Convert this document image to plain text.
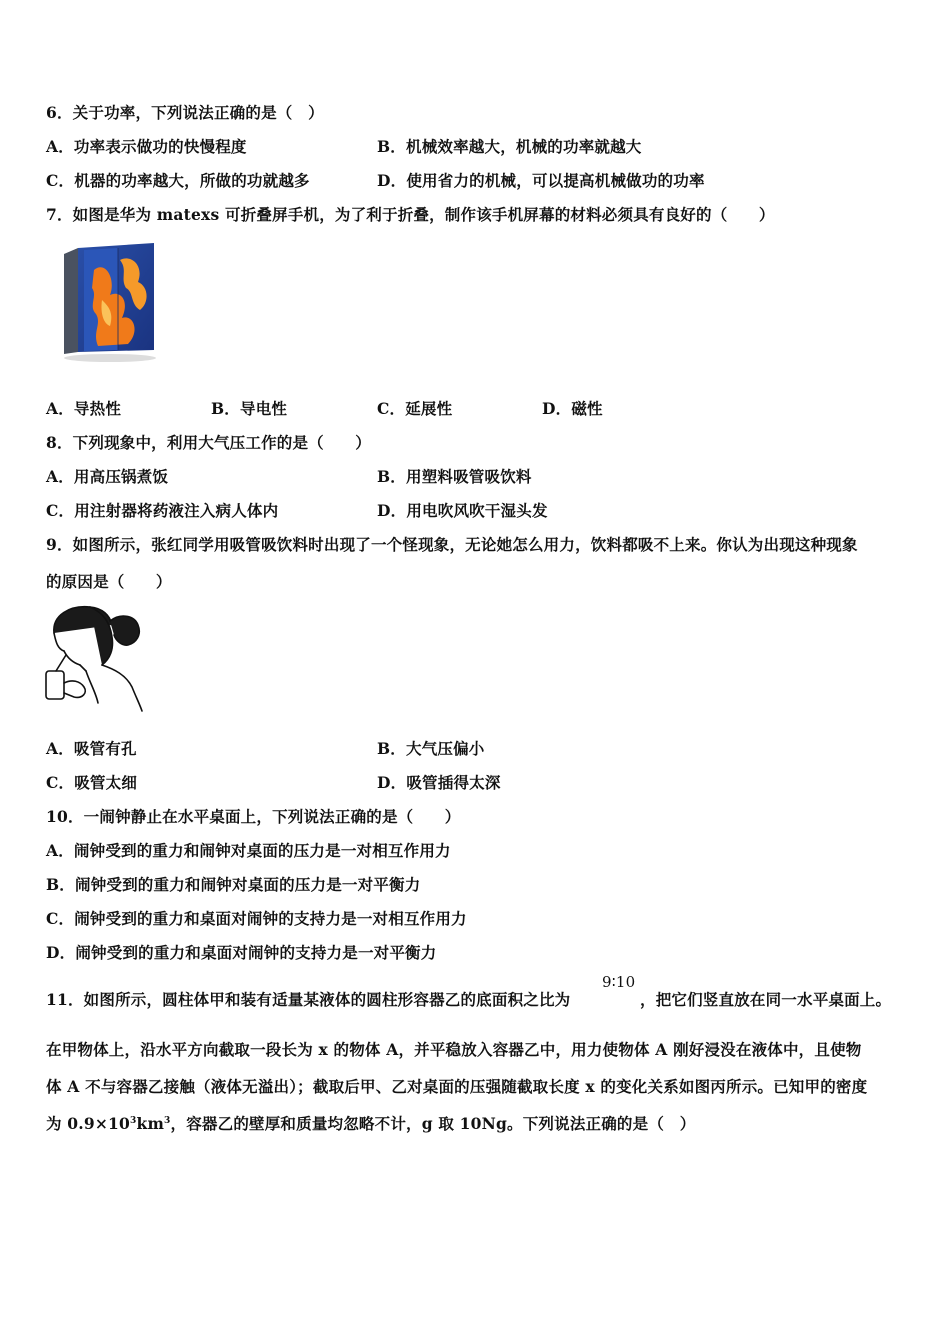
6．关于功率，下列说法正确的是（　）
A．功率表示做功的快慢程度	B．机械效率越大，机械的功率就越大
C．机器的功率越大，所做的功就越多	D．使用省力的机械，可以提高机械做功的功率
7．如图是华为 matexs 可折叠屏手机，为了利于折叠，制作该手机屏幕的材料必须具有良好的（　　）
A．导热性	B．导电性	C．延展性	D．磁性
8．下列现象中，利用大气压工作的是（　　）
A．用高压锅煮饭	B．用塑料吸管吸饮料
C．用注射器将药液注入病人体内	D．用电吹风吹干湿头发
9．如图所示，张红同学用吸管吸饮料时出现了一个怪现象，无论她怎么用力，饮料都吸不上来。你认为出现这种现象
的原因是（　　）
A．吸管有孔	B．大气压偏小
C．吸管太细	D．吸管插得太深
10．一闹钟静止在水平桌面上，下列说法正确的是（　　）
A．闹钟受到的重力和闹钟对桌面的压力是一对相互作用力
B．闹钟受到的重力和闹钟对桌面的压力是一对平衡力
C．闹钟受到的重力和桌面对闹钟的支持力是一对相互作用力
D．闹钟受到的重力和桌面对闹钟的支持力是一对平衡力
11．如图所示，圆柱体甲和装有适量某液体的圆柱形容器乙的底面积之比为
9∶10
，把它们竖直放在同一水平桌面上。
在甲物体上，沿水平方向截取一段长为 x 的物体 A，并平稳放入容器乙中，用力使物体 A 刚好浸没在液体中，且使物
体 A 不与容器乙接触（液体无溢出）；截取后甲、乙对桌面的压强随截取长度 x 的变化关系如图丙所示。已知甲的密度
为 $0.9\times 10^3km^3$，容器乙的壁厚和质量均忽略不计，g 取 10Ng。下列说法正确的是（　）
